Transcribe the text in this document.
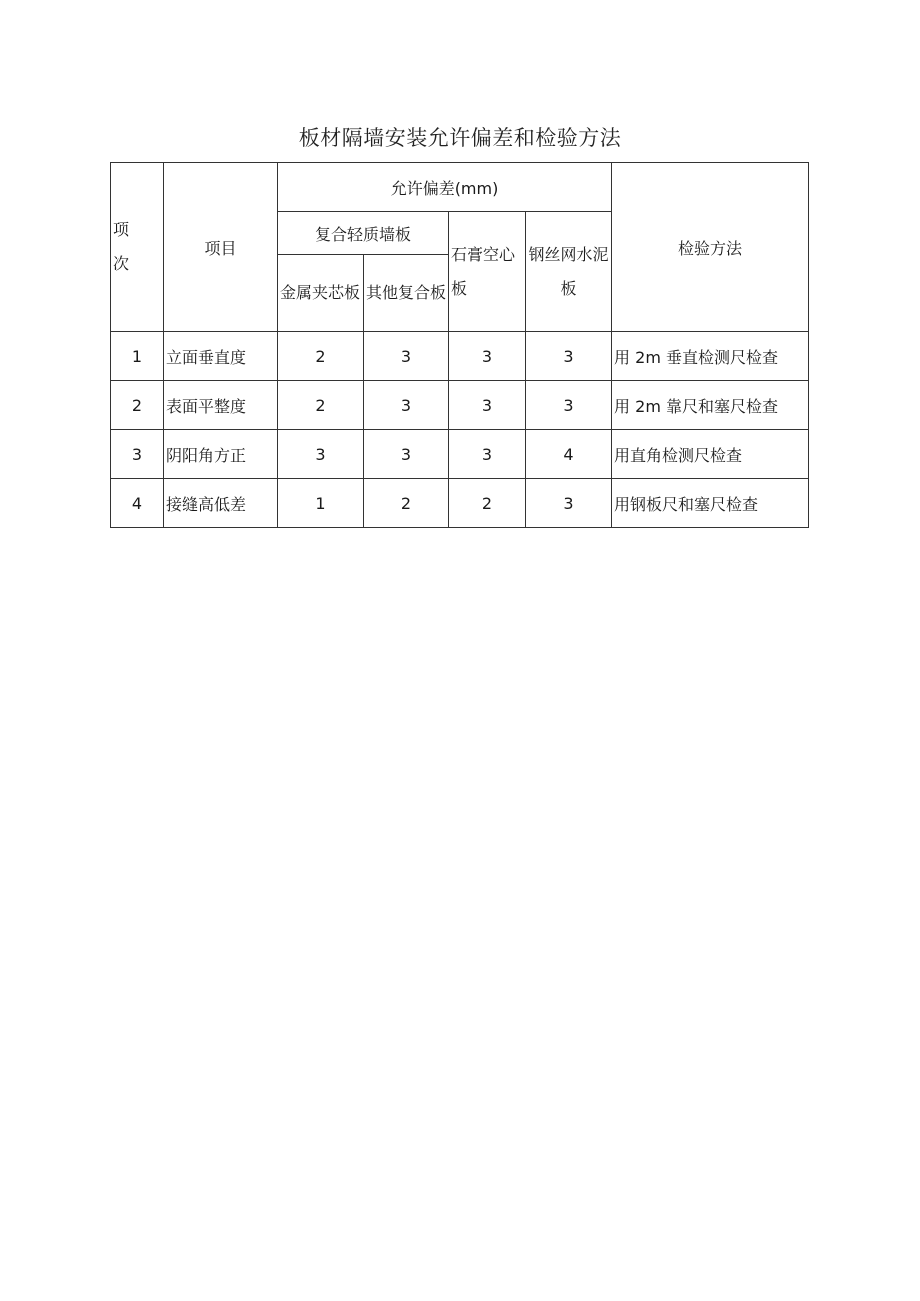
板材隔墙安装允许偏差和检验方法
项次	项目	允许偏差(mm)				检验方法
		复合轻质墙板		石膏空心板	钢丝网水泥板	
		金属夹芯板	其他复合板			
1	立面垂直度	2	3	3	3	用 2m 垂直检测尺检查
2	表面平整度	2	3	3	3	用 2m 靠尺和塞尺检查
3	阴阳角方正	3	3	3	4	用直角检测尺检查
4	接缝高低差	1	2	2	3	用钢板尺和塞尺检查
